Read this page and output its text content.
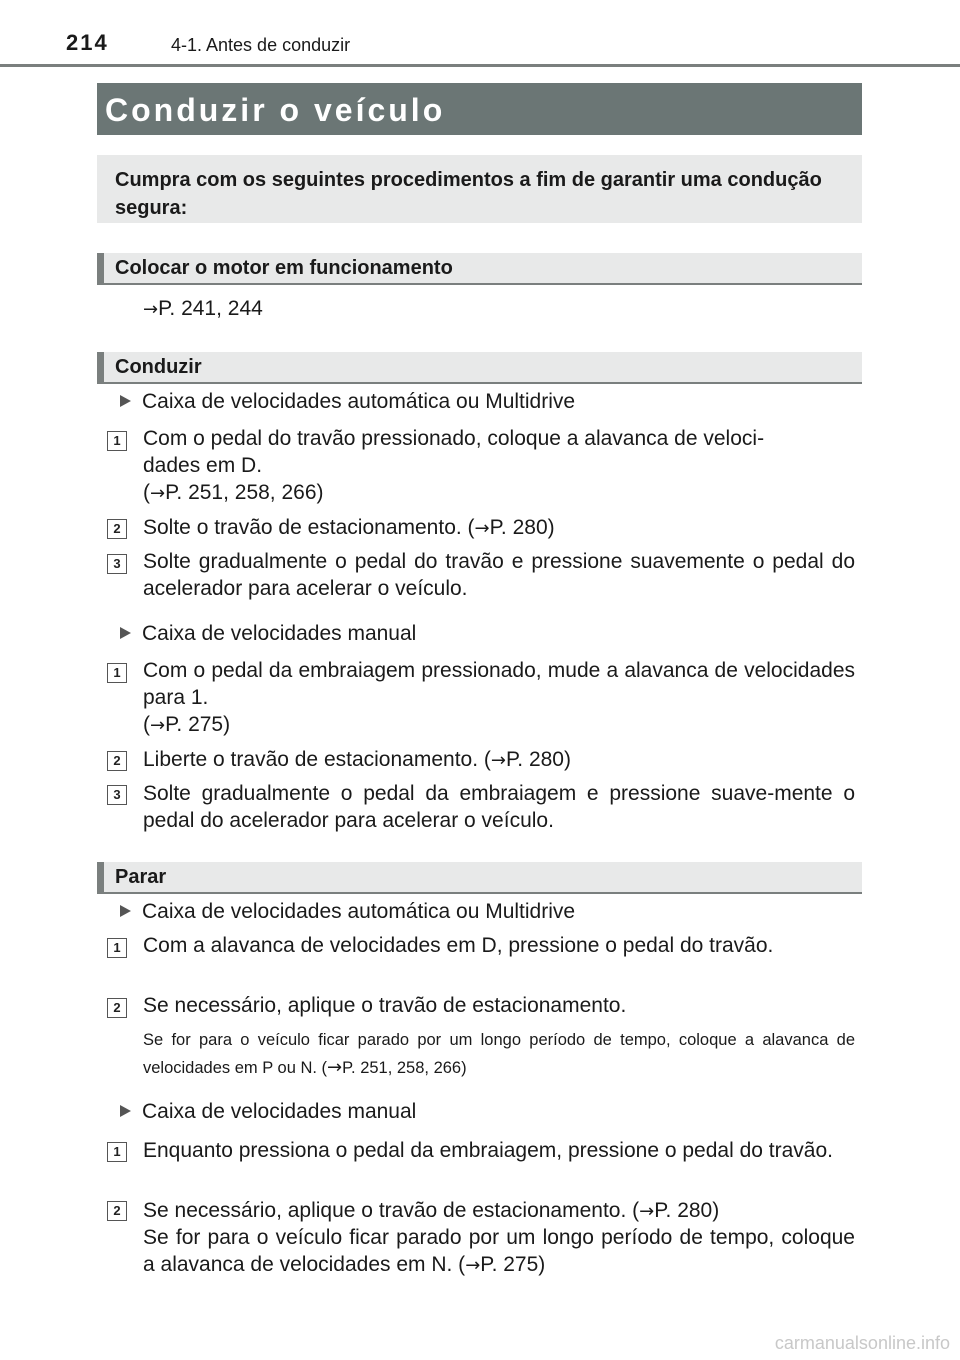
214	4-1. Antes de conduzir
Conduzir o veículo
Cumpra com os seguintes procedimentos a fim de garantir uma condução segura:
Colocar o motor em funcionamento
→P. 241, 244
Conduzir
Caixa de velocidades automática ou Multidrive
1	Com o pedal do travão pressionado, coloque a alavanca de veloci-
dades em D.
(→P. 251, 258, 266)
2	Solte o travão de estacionamento. (→P. 280)
3	Solte gradualmente o pedal do travão e pressione suavemente o pedal do acelerador para acelerar o veículo.
Caixa de velocidades manual
1	Com o pedal da embraiagem pressionado, mude a alavanca de velocidades para 1.
(→P. 275)
2	Liberte o travão de estacionamento. (→P. 280)
3	Solte gradualmente o pedal da embraiagem e pressione suave-mente o pedal do acelerador para acelerar o veículo.
Parar
Caixa de velocidades automática ou Multidrive
1	Com a alavanca de velocidades em D, pressione o pedal do travão.
2	Se necessário, aplique o travão de estacionamento.
Se for para o veículo ficar parado por um longo período de tempo, coloque a alavanca de velocidades em P ou N. (→P. 251, 258, 266)
Caixa de velocidades manual
1	Enquanto pressiona o pedal da embraiagem, pressione o pedal do travão.
2	Se necessário, aplique o travão de estacionamento. (→P. 280)
Se for para o veículo ficar parado por um longo período de tempo, coloque a alavanca de velocidades em N. (→P. 275)
carmanualsonline.info
